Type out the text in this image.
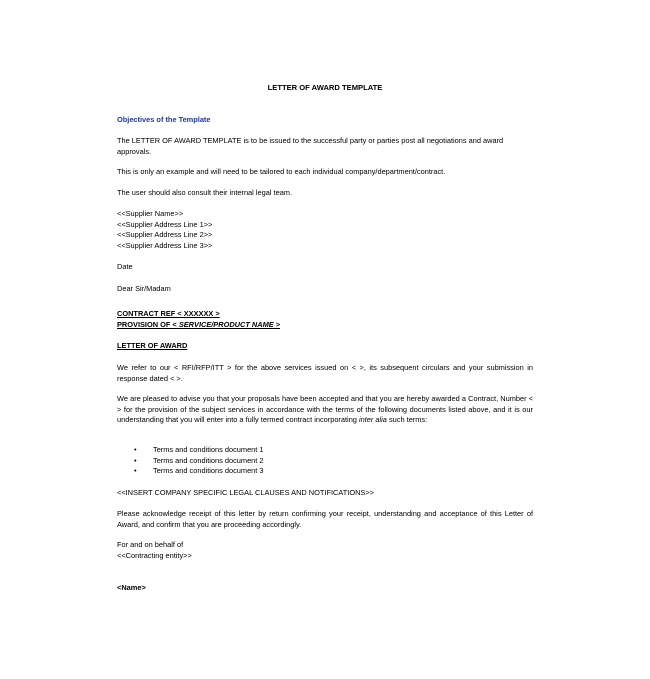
LETTER OF AWARD TEMPLATE
Objectives of the Template
The LETTER OF AWARD TEMPLATE is to be issued to the successful party or parties post all negotiations and award approvals.
This is only an example and will need to be tailored to each individual company/department/contract.
The user should also consult their internal legal team.
<<Supplier Name>>
<<Supplier Address Line 1>>
<<Supplier Address Line 2>>
<<Supplier Address Line 3>>
Date
Dear Sir/Madam
CONTRACT REF < XXXXXX >
PROVISION OF < SERVICE/PRODUCT NAME >
LETTER OF AWARD
We refer to our < RFI/RFP/ITT > for the above services issued on < >, its subsequent circulars and your submission in response dated < >.
We are pleased to advise you that your proposals have been accepted and that you are hereby awarded a Contract, Number < > for the provision of the subject services in accordance with the terms of the following documents listed above, and it is our understanding that you will enter into a fully termed contract incorporating inter alia such terms:
• Terms and conditions document 1
• Terms and conditions document 2
• Terms and conditions document 3
<<INSERT COMPANY SPECIFIC LEGAL CLAUSES AND NOTIFICATIONS>>
Please acknowledge receipt of this letter by return confirming your receipt, understanding and acceptance of this Letter of Award, and confirm that you are proceeding accordingly.
For and on behalf of
<<Contracting entity>>
<Name>
